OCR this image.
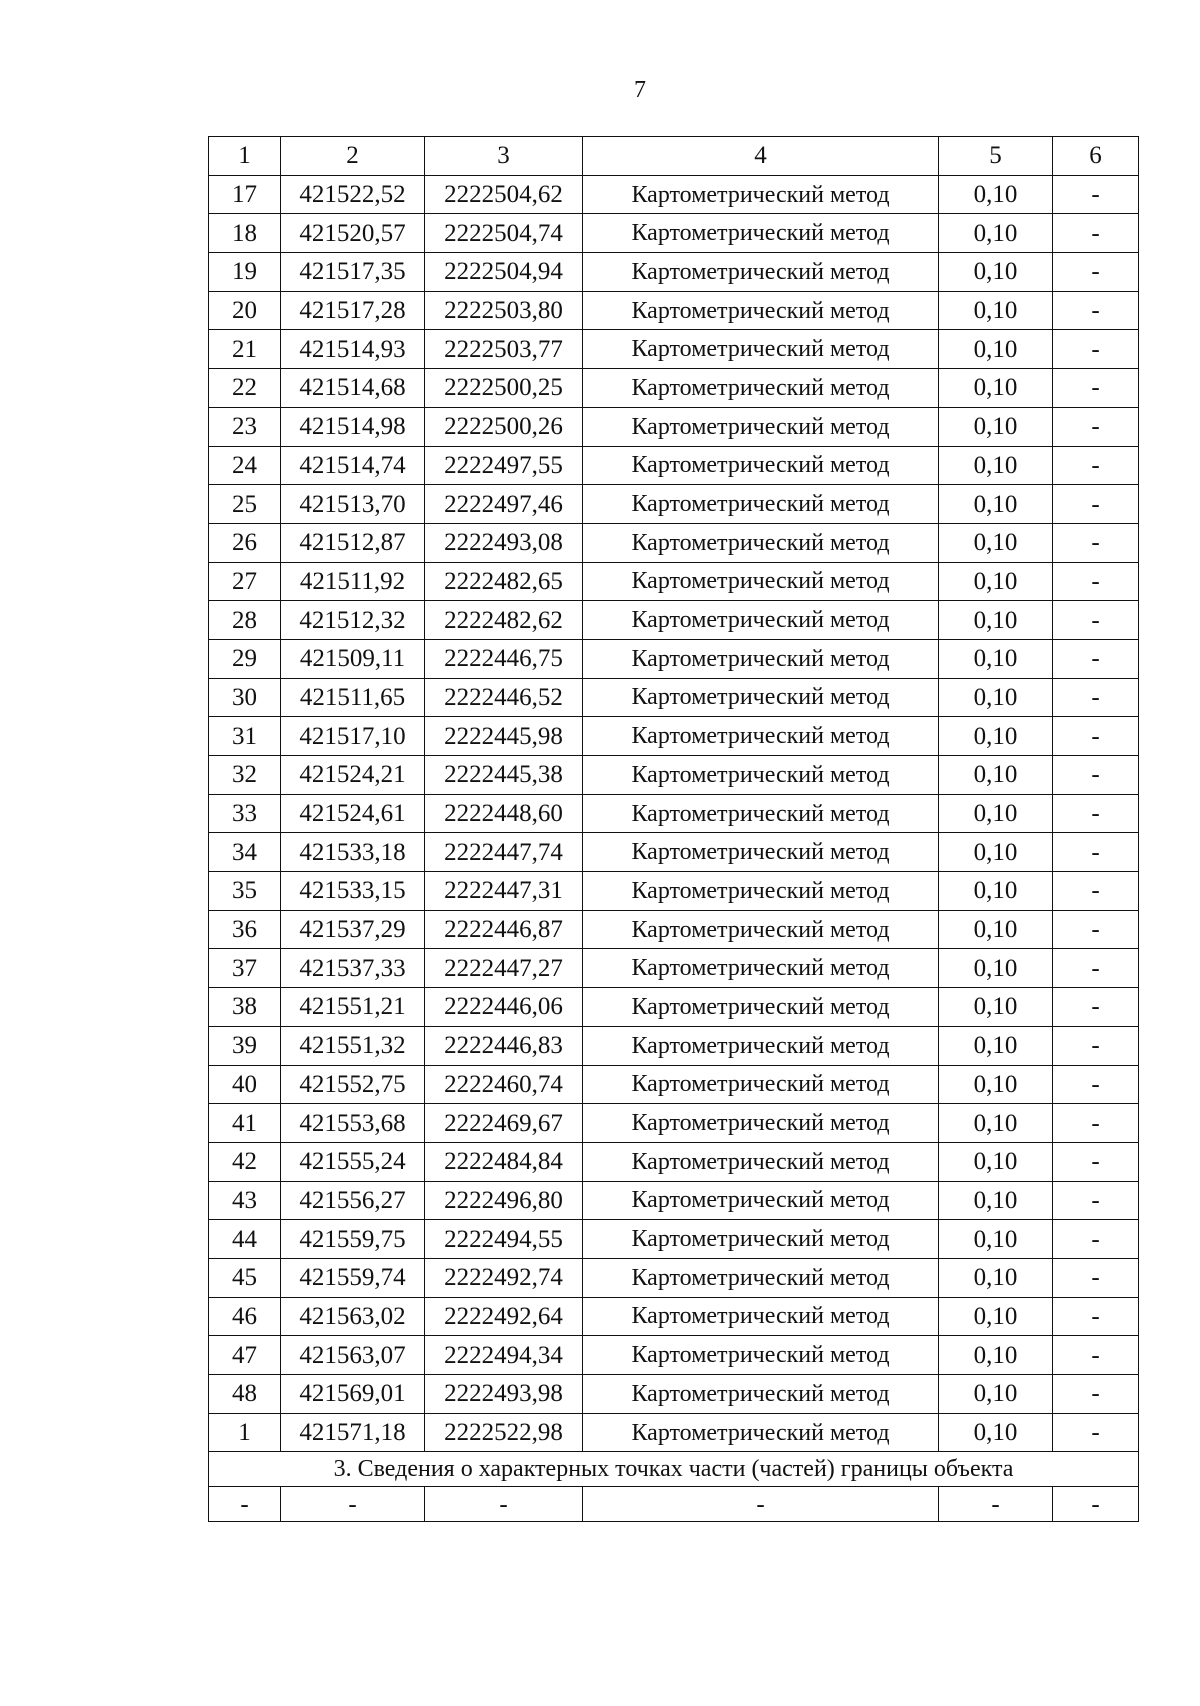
7
1	2	3	4	5	6
17	421522,52	2222504,62	Картометрический метод	0,10	-
18	421520,57	2222504,74	Картометрический метод	0,10	-
19	421517,35	2222504,94	Картометрический метод	0,10	-
20	421517,28	2222503,80	Картометрический метод	0,10	-
21	421514,93	2222503,77	Картометрический метод	0,10	-
22	421514,68	2222500,25	Картометрический метод	0,10	-
23	421514,98	2222500,26	Картометрический метод	0,10	-
24	421514,74	2222497,55	Картометрический метод	0,10	-
25	421513,70	2222497,46	Картометрический метод	0,10	-
26	421512,87	2222493,08	Картометрический метод	0,10	-
27	421511,92	2222482,65	Картометрический метод	0,10	-
28	421512,32	2222482,62	Картометрический метод	0,10	-
29	421509,11	2222446,75	Картометрический метод	0,10	-
30	421511,65	2222446,52	Картометрический метод	0,10	-
31	421517,10	2222445,98	Картометрический метод	0,10	-
32	421524,21	2222445,38	Картометрический метод	0,10	-
33	421524,61	2222448,60	Картометрический метод	0,10	-
34	421533,18	2222447,74	Картометрический метод	0,10	-
35	421533,15	2222447,31	Картометрический метод	0,10	-
36	421537,29	2222446,87	Картометрический метод	0,10	-
37	421537,33	2222447,27	Картометрический метод	0,10	-
38	421551,21	2222446,06	Картометрический метод	0,10	-
39	421551,32	2222446,83	Картометрический метод	0,10	-
40	421552,75	2222460,74	Картометрический метод	0,10	-
41	421553,68	2222469,67	Картометрический метод	0,10	-
42	421555,24	2222484,84	Картометрический метод	0,10	-
43	421556,27	2222496,80	Картометрический метод	0,10	-
44	421559,75	2222494,55	Картометрический метод	0,10	-
45	421559,74	2222492,74	Картометрический метод	0,10	-
46	421563,02	2222492,64	Картометрический метод	0,10	-
47	421563,07	2222494,34	Картометрический метод	0,10	-
48	421569,01	2222493,98	Картометрический метод	0,10	-
1	421571,18	2222522,98	Картометрический метод	0,10	-
3. Сведения о характерных точках части (частей) границы объекта					
-	-	-	-	-	-
